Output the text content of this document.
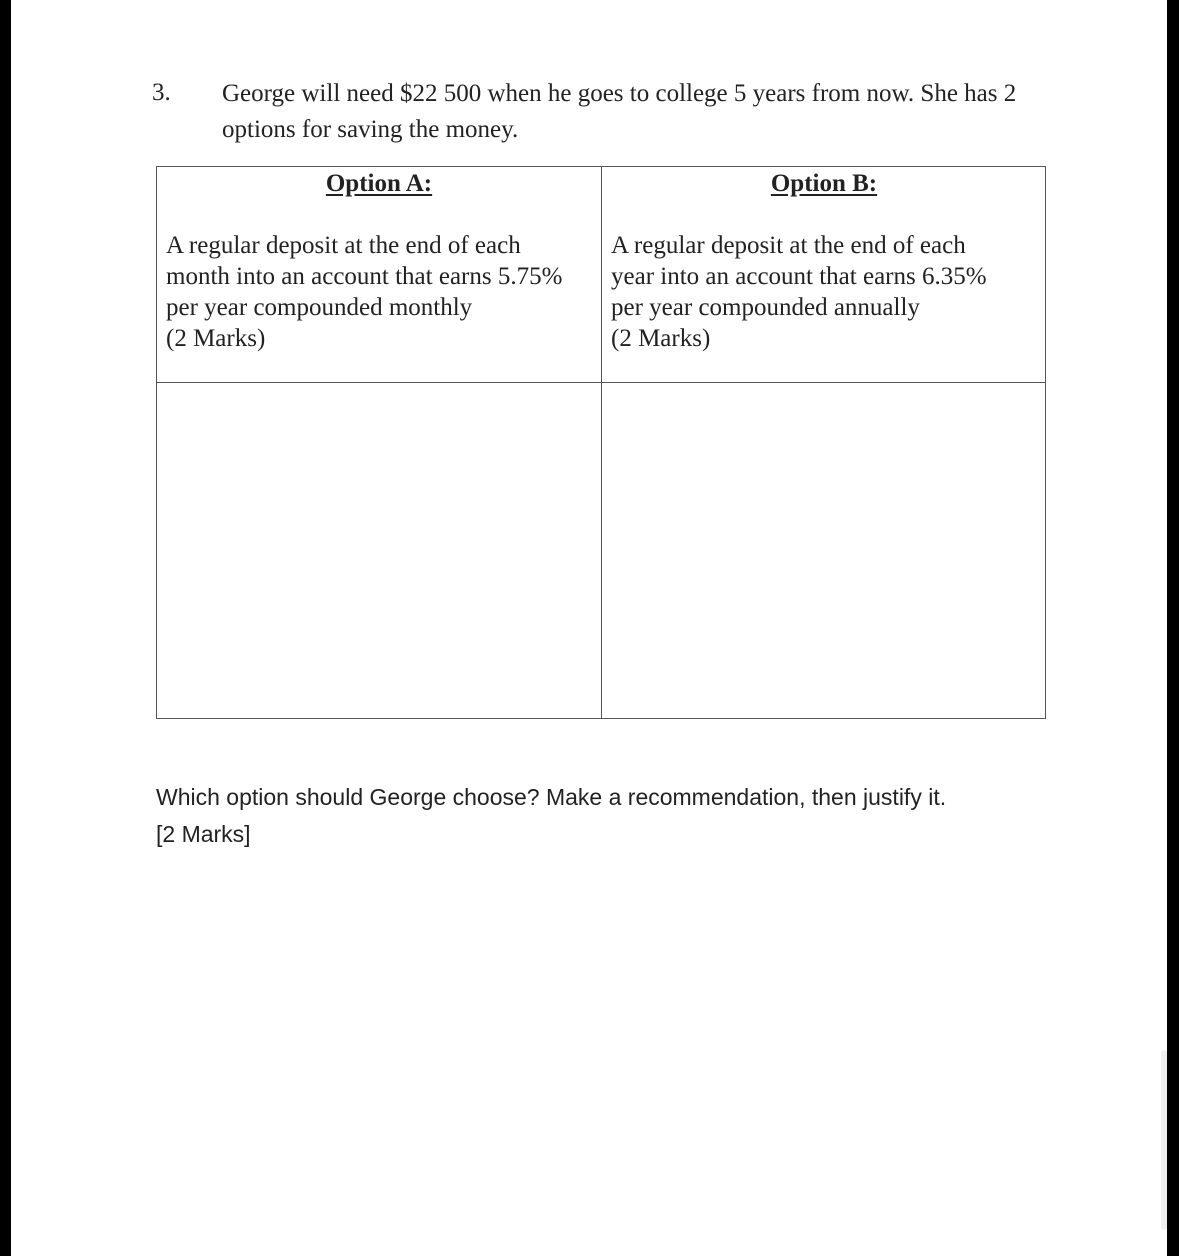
3. George will need $22 500 when he goes to college 5 years from now. She has 2 options for saving the money.
Option A:	Option B:
A regular deposit at the end of each
month into an account that earns 5.75%
per year compounded monthly
(2 Marks)
A regular deposit at the end of each
year into an account that earns 6.35%
per year compounded annually
(2 Marks)
Which option should George choose? Make a recommendation, then justify it.
[2 Marks]
